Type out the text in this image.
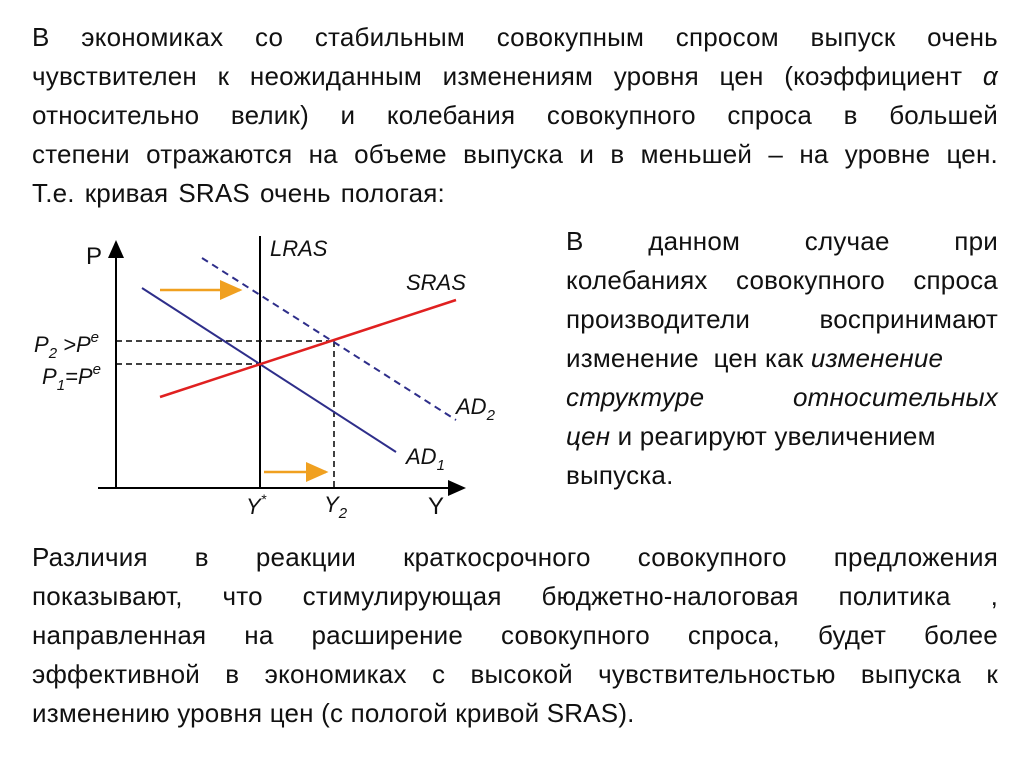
В экономиках со стабильным совокупным спросом выпуск очень
чувствителен к неожиданным изменениям уровня цен (коэффициент α
относительно велик) и колебания совокупного спроса в большей
степени отражаются на объеме выпуска и в меньшей – на уровне цен.
Т.е. кривая SRAS очень пологая:
P
Y
LRAS
SRAS
$AD_2$
$AD_1$
$P_2 >P^e$
$P_1=P^e$
Y*	$Y_2$
В данном случае при
колебаниях совокупного спроса
производители	воспринимают
изменение  цен как изменение
структуре	относительных
цен и реагируют увеличением
выпуска.
Различия в реакции краткосрочного совокупного предложения
показывают, что стимулирующая бюджетно-налоговая политика ,
направленная на расширение совокупного спроса, будет более
эффективной в экономиках с высокой чувствительностью выпуска к
изменению уровня цен (с пологой кривой SRAS).
